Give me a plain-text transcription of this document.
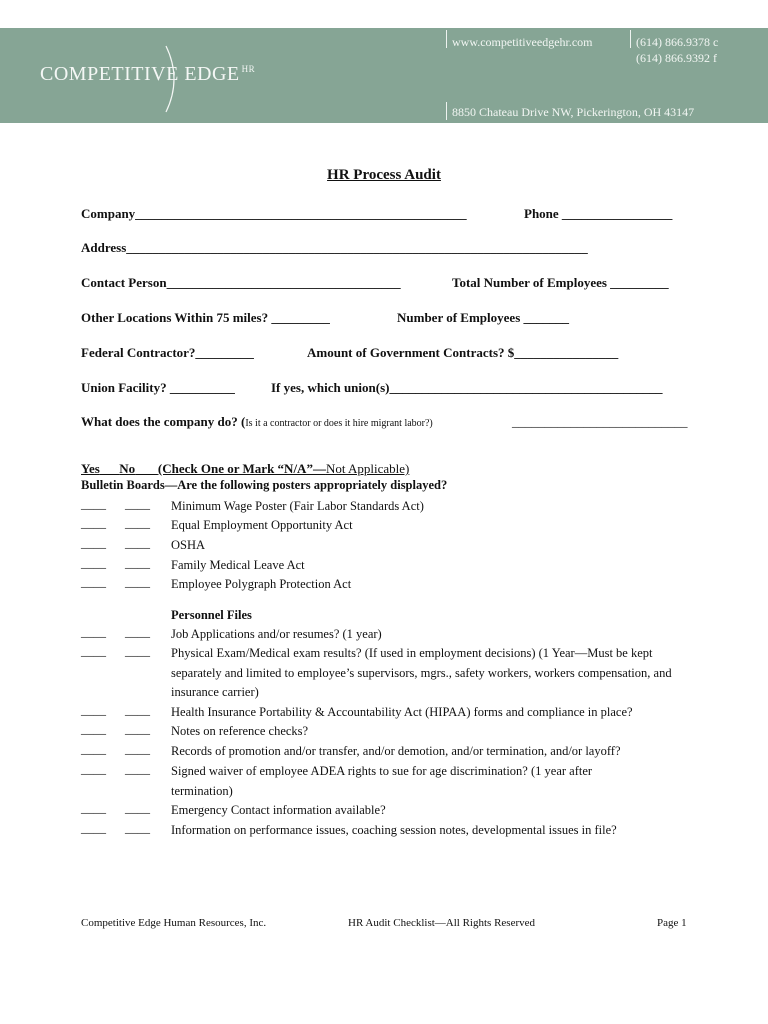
COMPETITIVE EDGE $^{HR}$
www.competitiveedgehr.com	(614) 866.9378 c
(614) 866.9392 f
8850 Chateau Drive NW, Pickerington, OH 43147
HR Process Audit
Company___________________________________________________	Phone _________________
Address_______________________________________________________________________
Contact Person____________________________________	Total Number of Employees _________
Other Locations Within 75 miles? _________	Number of Employees _______
Federal Contractor?_________	Amount of Government Contracts? $________________
Union Facility? __________	If yes, which union(s)__________________________________________
What does the company do? (Is it a contractor or does it hire migrant labor?)	___________________________
Yes No (Check One or Mark “N/A”—Not Applicable)
Bulletin Boards—Are the following posters appropriately displayed?
____ ____ Minimum Wage Poster (Fair Labor Standards Act)
____ ____ Equal Employment Opportunity Act
____ ____ OSHA
____ ____ Family Medical Leave Act
____ ____ Employee Polygraph Protection Act
Personnel Files
____ ____ Job Applications and/or resumes? (1 year)
____ ____ Physical Exam/Medical exam results? (If used in employment decisions) (1 Year—Must be kept separately and limited to employee’s supervisors, mgrs., safety workers, workers compensation, and insurance carrier)
____ ____ Health Insurance Portability & Accountability Act (HIPAA) forms and compliance in place?
____ ____ Notes on reference checks?
____ ____ Records of promotion and/or transfer, and/or demotion, and/or termination, and/or layoff?
____ ____ Signed waiver of employee ADEA rights to sue for age discrimination? (1 year after termination)
____ ____ Emergency Contact information available?
____ ____ Information on performance issues, coaching session notes, developmental issues in file?
Competitive Edge Human Resources, Inc.	HR Audit Checklist—All Rights Reserved	Page 1
